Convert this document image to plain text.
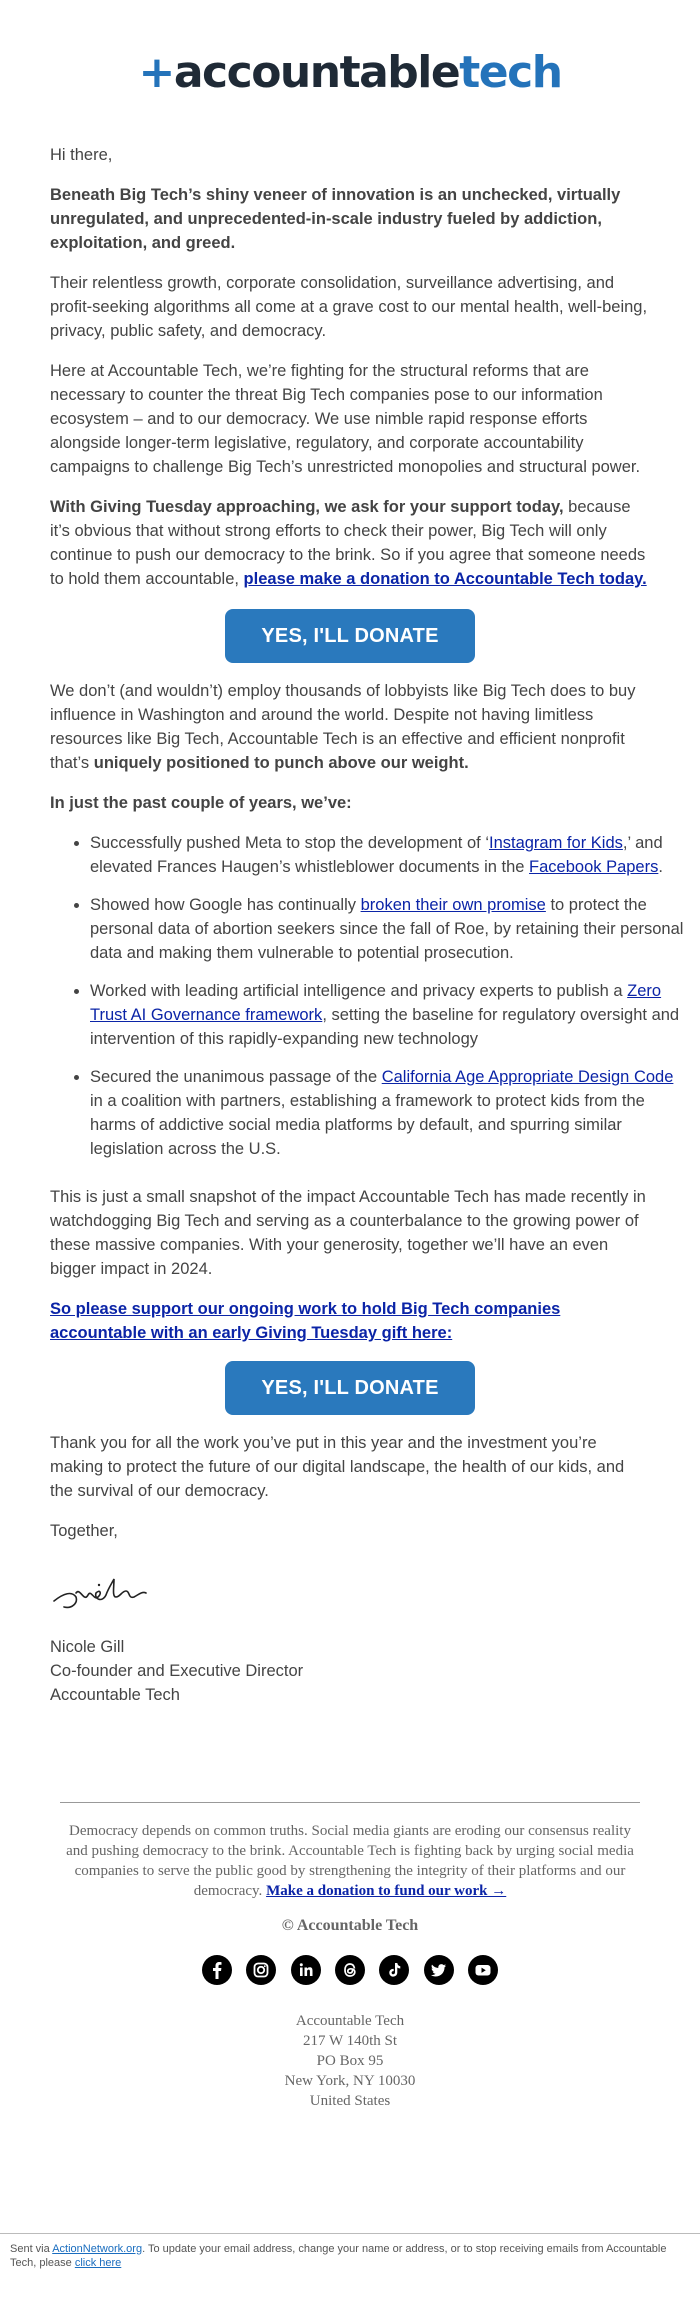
+accountabletech

Hi there,

Beneath Big Tech’s shiny veneer of innovation is an unchecked, virtually unregulated, and unprecedented-in-scale industry fueled by addiction, exploitation, and greed.

Their relentless growth, corporate consolidation, surveillance advertising, and profit-seeking algorithms all come at a grave cost to our mental health, well-being, privacy, public safety, and democracy.

Here at Accountable Tech, we’re fighting for the structural reforms that are necessary to counter the threat Big Tech companies pose to our information ecosystem – and to our democracy. We use nimble rapid response efforts alongside longer-term legislative, regulatory, and corporate accountability campaigns to challenge Big Tech’s unrestricted monopolies and structural power.

With Giving Tuesday approaching, we ask for your support today, because it’s obvious that without strong efforts to check their power, Big Tech will only continue to push our democracy to the brink. So if you agree that someone needs to hold them accountable, please make a donation to Accountable Tech today.

YES, I'LL DONATE

We don’t (and wouldn’t) employ thousands of lobbyists like Big Tech does to buy influence in Washington and around the world. Despite not having limitless resources like Big Tech, Accountable Tech is an effective and efficient nonprofit that’s uniquely positioned to punch above our weight.

In just the past couple of years, we’ve:

• Successfully pushed Meta to stop the development of ‘Instagram for Kids,’ and elevated Frances Haugen’s whistleblower documents in the Facebook Papers.
• Showed how Google has continually broken their own promise to protect the personal data of abortion seekers since the fall of Roe, by retaining their personal data and making them vulnerable to potential prosecution.
• Worked with leading artificial intelligence and privacy experts to publish a Zero Trust AI Governance framework, setting the baseline for regulatory oversight and intervention of this rapidly-expanding new technology
• Secured the unanimous passage of the California Age Appropriate Design Code in a coalition with partners, establishing a framework to protect kids from the harms of addictive social media platforms by default, and spurring similar legislation across the U.S.

This is just a small snapshot of the impact Accountable Tech has made recently in watchdogging Big Tech and serving as a counterbalance to the growing power of these massive companies. With your generosity, together we’ll have an even bigger impact in 2024.

So please support our ongoing work to hold Big Tech companies accountable with an early Giving Tuesday gift here:

YES, I'LL DONATE

Thank you for all the work you’ve put in this year and the investment you’re making to protect the future of our digital landscape, the health of our kids, and the survival of our democracy.

Together,

Nicole Gill

Co-founder and Executive Director

Accountable Tech

Democracy depends on common truths. Social media giants are eroding our consensus reality and pushing democracy to the brink. Accountable Tech is fighting back by urging social media companies to serve the public good by strengthening the integrity of their platforms and our democracy. Make a donation to fund our work →
© Accountable Tech

Accountable Tech
217 W 140th St
PO Box 95
New York, NY 10030
United States
Sent via ActionNetwork.org. To update your email address, change your name or address, or to stop receiving emails from Accountable Tech, please click here
